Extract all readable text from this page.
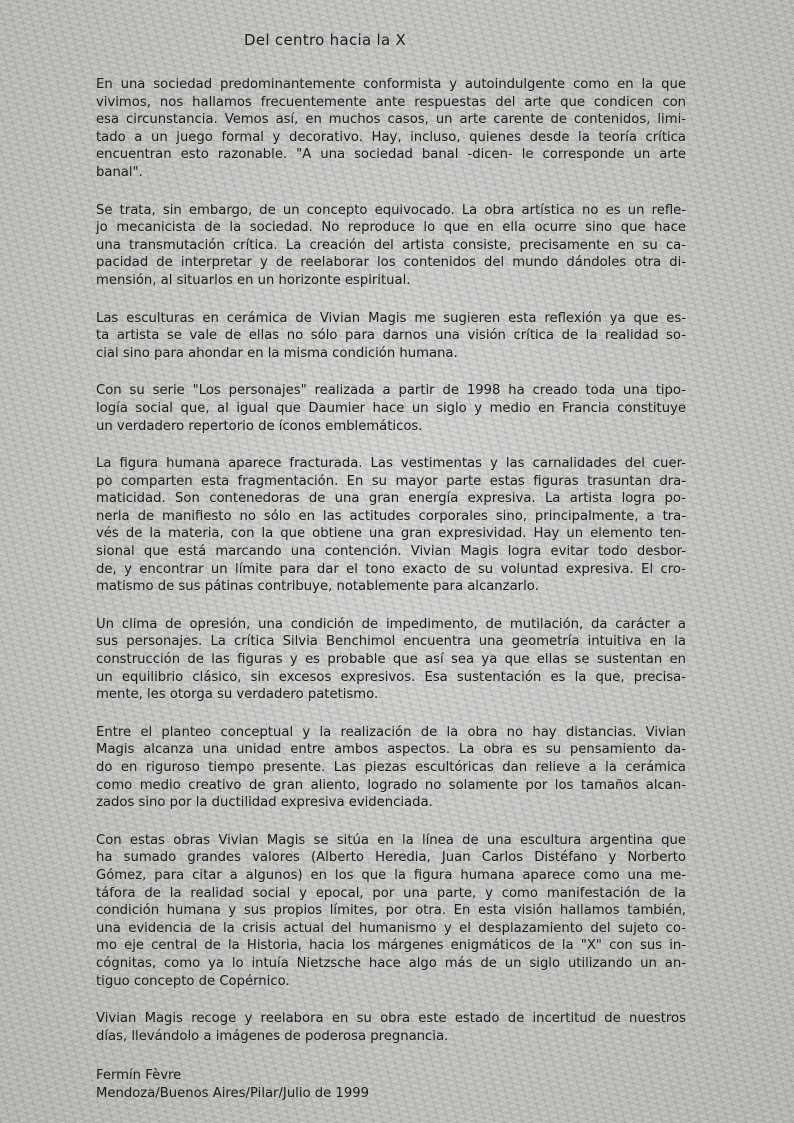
Del centro hacia la X

En una sociedad predominantemente conformista y autoindulgente como en la que
vivimos, nos hallamos frecuentemente ante respuestas del arte que condicen con
esa circunstancia. Vemos así, en muchos casos, un arte carente de contenidos, limi-
tado a un juego formal y decorativo. Hay, incluso, quienes desde la teoría crítica
encuentran esto razonable. "A una sociedad banal -dicen- le corresponde un arte
banal".

Se trata, sin embargo, de un concepto equivocado. La obra artística no es un refle-
jo mecanicista de la sociedad. No reproduce lo que en ella ocurre sino que hace
una transmutación crítica. La creación del artista consiste, precisamente en su ca-
pacidad de interpretar y de reelaborar los contenidos del mundo dándoles otra di-
mensión, al situarlos en un horizonte espiritual.

Las esculturas en cerámica de Vivian Magis me sugieren esta reflexión ya que es-
ta artista se vale de ellas no sólo para darnos una visión crítica de la realidad so-
cial sino para ahondar en la misma condición humana.

Con su serie "Los personajes" realizada a partir de 1998 ha creado toda una tipo-
logía social que, al igual que Daumier hace un siglo y medio en Francia constituye
un verdadero repertorio de íconos emblemáticos.

La figura humana aparece fracturada. Las vestimentas y las carnalidades del cuer-
po comparten esta fragmentación. En su mayor parte estas figuras trasuntan dra-
maticidad. Son contenedoras de una gran energía expresiva. La artista logra po-
nerla de manifiesto no sólo en las actitudes corporales sino, principalmente, a tra-
vés de la materia, con la que obtiene una gran expresividad. Hay un elemento ten-
sional que está marcando una contención. Vivian Magis logra evitar todo desbor-
de, y encontrar un límite para dar el tono exacto de su voluntad expresiva. El cro-
matismo de sus pátinas contribuye, notablemente para alcanzarlo.

Un clima de opresión, una condición de impedimento, de mutilación, da carácter a
sus personajes. La crítica Silvia Benchimol encuentra una geometría intuitiva en la
construcción de las figuras y es probable que así sea ya que ellas se sustentan en
un equilibrio clásico, sin excesos expresivos. Esa sustentación es la que, precisa-
mente, les otorga su verdadero patetismo.

Entre el planteo conceptual y la realización de la obra no hay distancias. Vivian
Magis alcanza una unidad entre ambos aspectos. La obra es su pensamiento da-
do en riguroso tiempo presente. Las piezas escultóricas dan relieve a la cerámica
como medio creativo de gran aliento, logrado no solamente por los tamaños alcan-
zados sino por la ductilidad expresiva evidenciada.

Con estas obras Vivian Magis se sitúa en la línea de una escultura argentina que
ha sumado grandes valores (Alberto Heredia, Juan Carlos Distéfano y Norberto
Gómez, para citar a algunos) en los que la figura humana aparece como una me-
táfora de la realidad social y epocal, por una parte, y como manifestación de la
condición humana y sus propios límites, por otra. En esta visión hallamos también,
una evidencia de la crisis actual del humanismo y el desplazamiento del sujeto co-
mo eje central de la Historia, hacia los márgenes enigmáticos de la "X" con sus in-
cógnitas, como ya lo intuía Nietzsche hace algo más de un siglo utilizando un an-
tiguo concepto de Copérnico.

Vivian Magis recoge y reelabora en su obra este estado de incertitud de nuestros
días, llevándolo a imágenes de poderosa pregnancia.

Fermín Fèvre
Mendoza/Buenos Aires/Pilar/Julio de 1999
